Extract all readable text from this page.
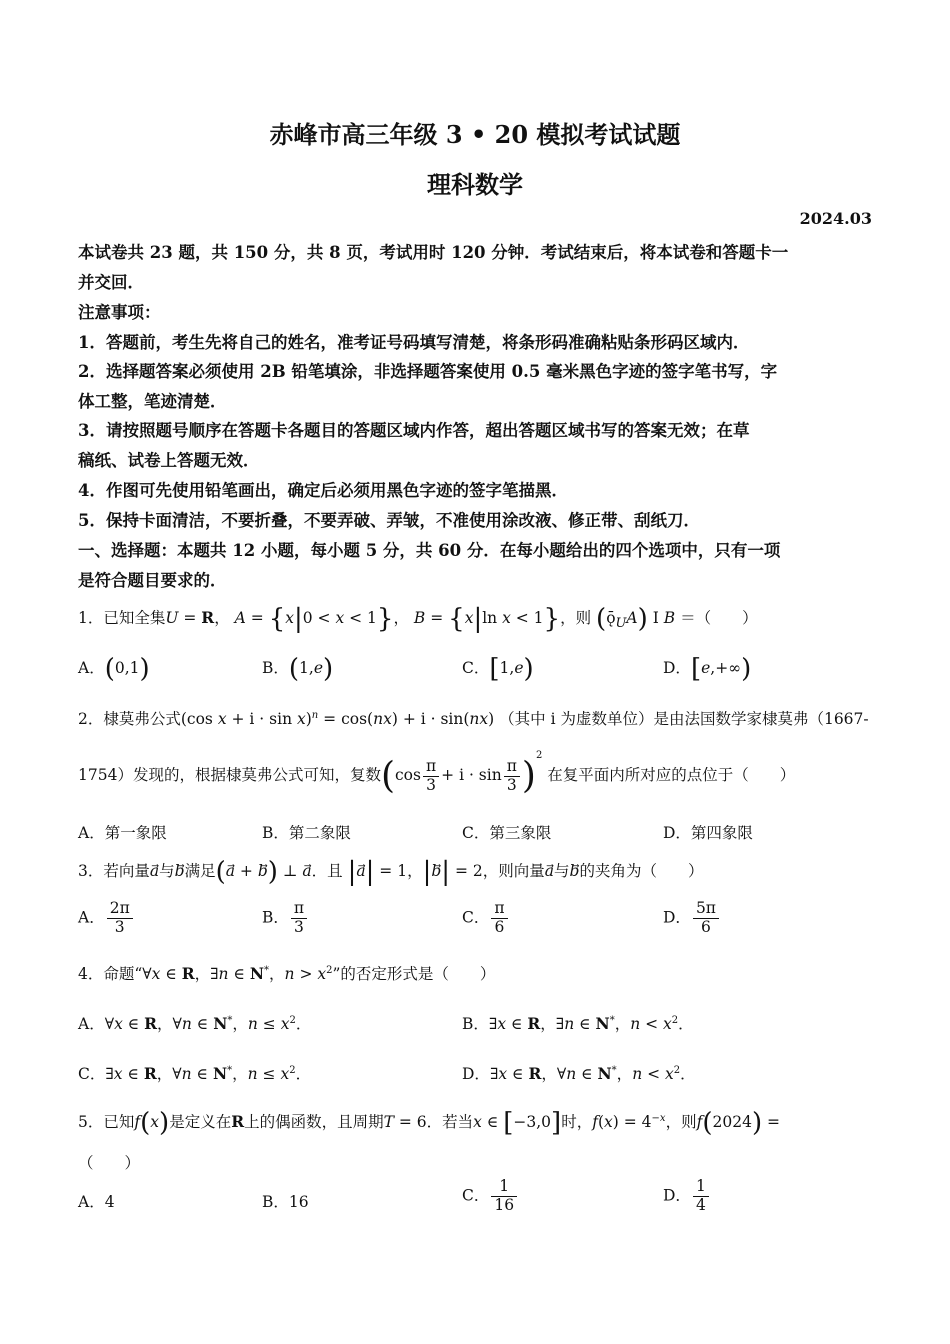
赤峰市高三年级 3 • 20 模拟考试试题
理科数学
2024.03
本试卷共 23 题，共 150 分，共 8 页，考试用时 120 分钟．考试结束后，将本试卷和答题卡一
并交回．
注意事项：
1．答题前，考生先将自己的姓名，准考证号码填写清楚，将条形码准确粘贴条形码区域内．
2．选择题答案必须使用 2B 铅笔填涂，非选择题答案使用 0.5 毫米黑色字迹的签字笔书写，字
体工整，笔迹清楚．
3．请按照题号顺序在答题卡各题目的答题区域内作答，超出答题区域书写的答案无效；在草
稿纸、试卷上答题无效．
4．作图可先使用铅笔画出，确定后必须用黑色字迹的签字笔描黑．
5．保持卡面清洁，不要折叠，不要弄破、弄皱，不准使用涂改液、修正带、刮纸刀．
一、选择题：本题共 12 小题，每小题 5 分，共 60 分．在每小题给出的四个选项中，只有一项
是符合题目要求的．
1．已知全集U = R， A = {x|0 < x < 1}， B = {x|ln x < 1}，则 $(ǭ_UA)$ I B ＝（　　）
A．(0,1)	B．(1,e)	C．[1,e)	D．[e,+∞)
2．棣莫弗公式(cos x + i · sin x)$^n$ = cos(nx) + i · sin(nx) （其中 i 为虚数单位）是由法国数学家棣莫弗（1667-
1754）发现的，根据棣莫弗公式可知，复数$(\cos \frac{\pi}{3} + i \cdot \sin \frac{\pi}{3} )^2$ 在复平面内所对应的点位于（　　）
A．第一象限	B．第二象限	C．第三象限	D．第四象限
3．若向量a与b满足(a⃗ + b) ⊥ a．且 |a| = 1，|b| = 2，则向量a与b的夹角为（　　）
A． $\frac{2\pi}{3}$	B． $\frac{\pi}{3}$	C． $\frac{\pi}{6}$	D． $\frac{5\pi}{6}$
4．命题“∀x ∈ R，∃n ∈ N*，$n > x^2$”的否定形式是（　　）
A．∀x ∈ R，∀n ∈ N*，$n \le x^2$．	B．∃x ∈ R，∃n ∈ N*，$n < x^2$．
C．∃x ∈ R，∀n ∈ N*，$n \le x^2$．	D．∃x ∈ R，∀n ∈ N*，$n < x^2$．
5．已知f(x)是定义在R上的偶函数，且周期T = 6．若当x ∈ [−3,0]时，$f(x) = 4^{-x}$，则f(2024) =
（　　）
A．4	B．16	C． $\frac{1}{16}$	D． $\frac{1}{4}$
